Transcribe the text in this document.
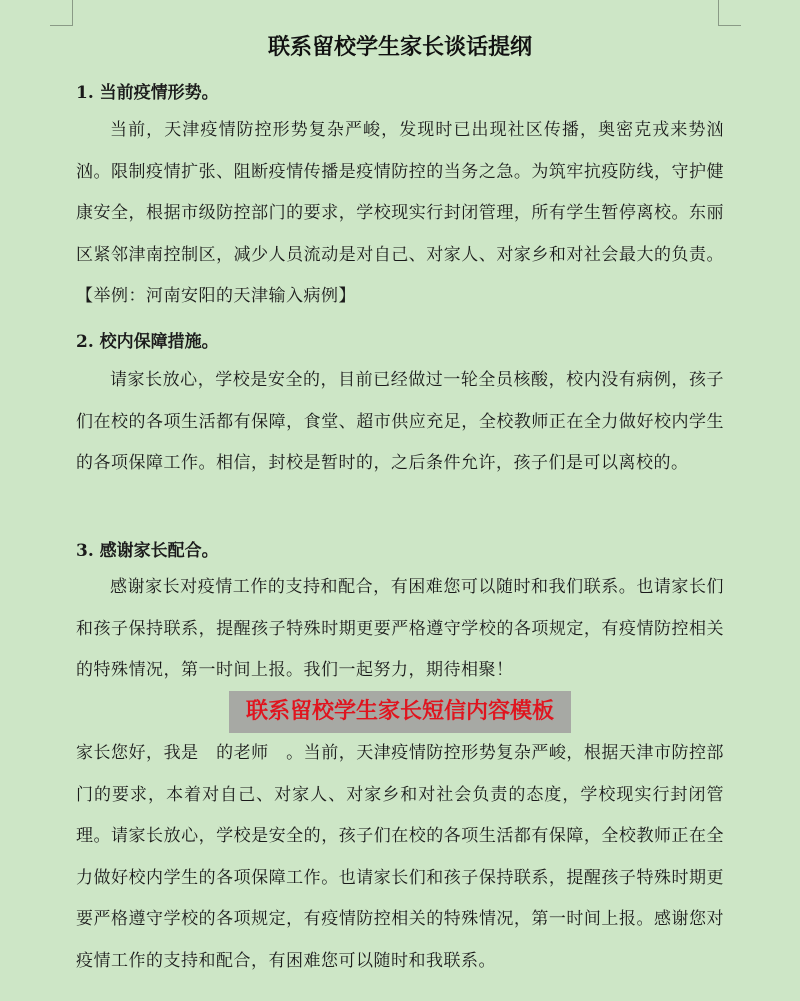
联系留校学生家长谈话提纲
1. 当前疫情形势。

当前，天津疫情防控形势复杂严峻，发现时已出现社区传播，奥密克戎来势汹汹。限制疫情扩张、阻断疫情传播是疫情防控的当务之急。为筑牢抗疫防线，守护健康安全，根据市级防控部门的要求，学校现实行封闭管理，所有学生暂停离校。东丽区紧邻津南控制区，减少人员流动是对自己、对家人、对家乡和对社会最大的负责。【举例：河南安阳的天津输入病例】

2. 校内保障措施。

请家长放心，学校是安全的，目前已经做过一轮全员核酸，校内没有病例，孩子们在校的各项生活都有保障，食堂、超市供应充足，全校教师正在全力做好校内学生的各项保障工作。相信，封校是暂时的，之后条件允许，孩子们是可以离校的。

3. 感谢家长配合。

感谢家长对疫情工作的支持和配合，有困难您可以随时和我们联系。也请家长们和孩子保持联系，提醒孩子特殊时期更要严格遵守学校的各项规定，有疫情防控相关的特殊情况，第一时间上报。我们一起努力，期待相聚！

联系留校学生家长短信内容模板

家长您好，我是　的老师　。当前，天津疫情防控形势复杂严峻，根据天津市防控部门的要求，本着对自己、对家人、对家乡和对社会负责的态度，学校现实行封闭管理。请家长放心，学校是安全的，孩子们在校的各项生活都有保障，全校教师正在全力做好校内学生的各项保障工作。也请家长们和孩子保持联系，提醒孩子特殊时期更要严格遵守学校的各项规定，有疫情防控相关的特殊情况，第一时间上报。感谢您对疫情工作的支持和配合，有困难您可以随时和我联系。
